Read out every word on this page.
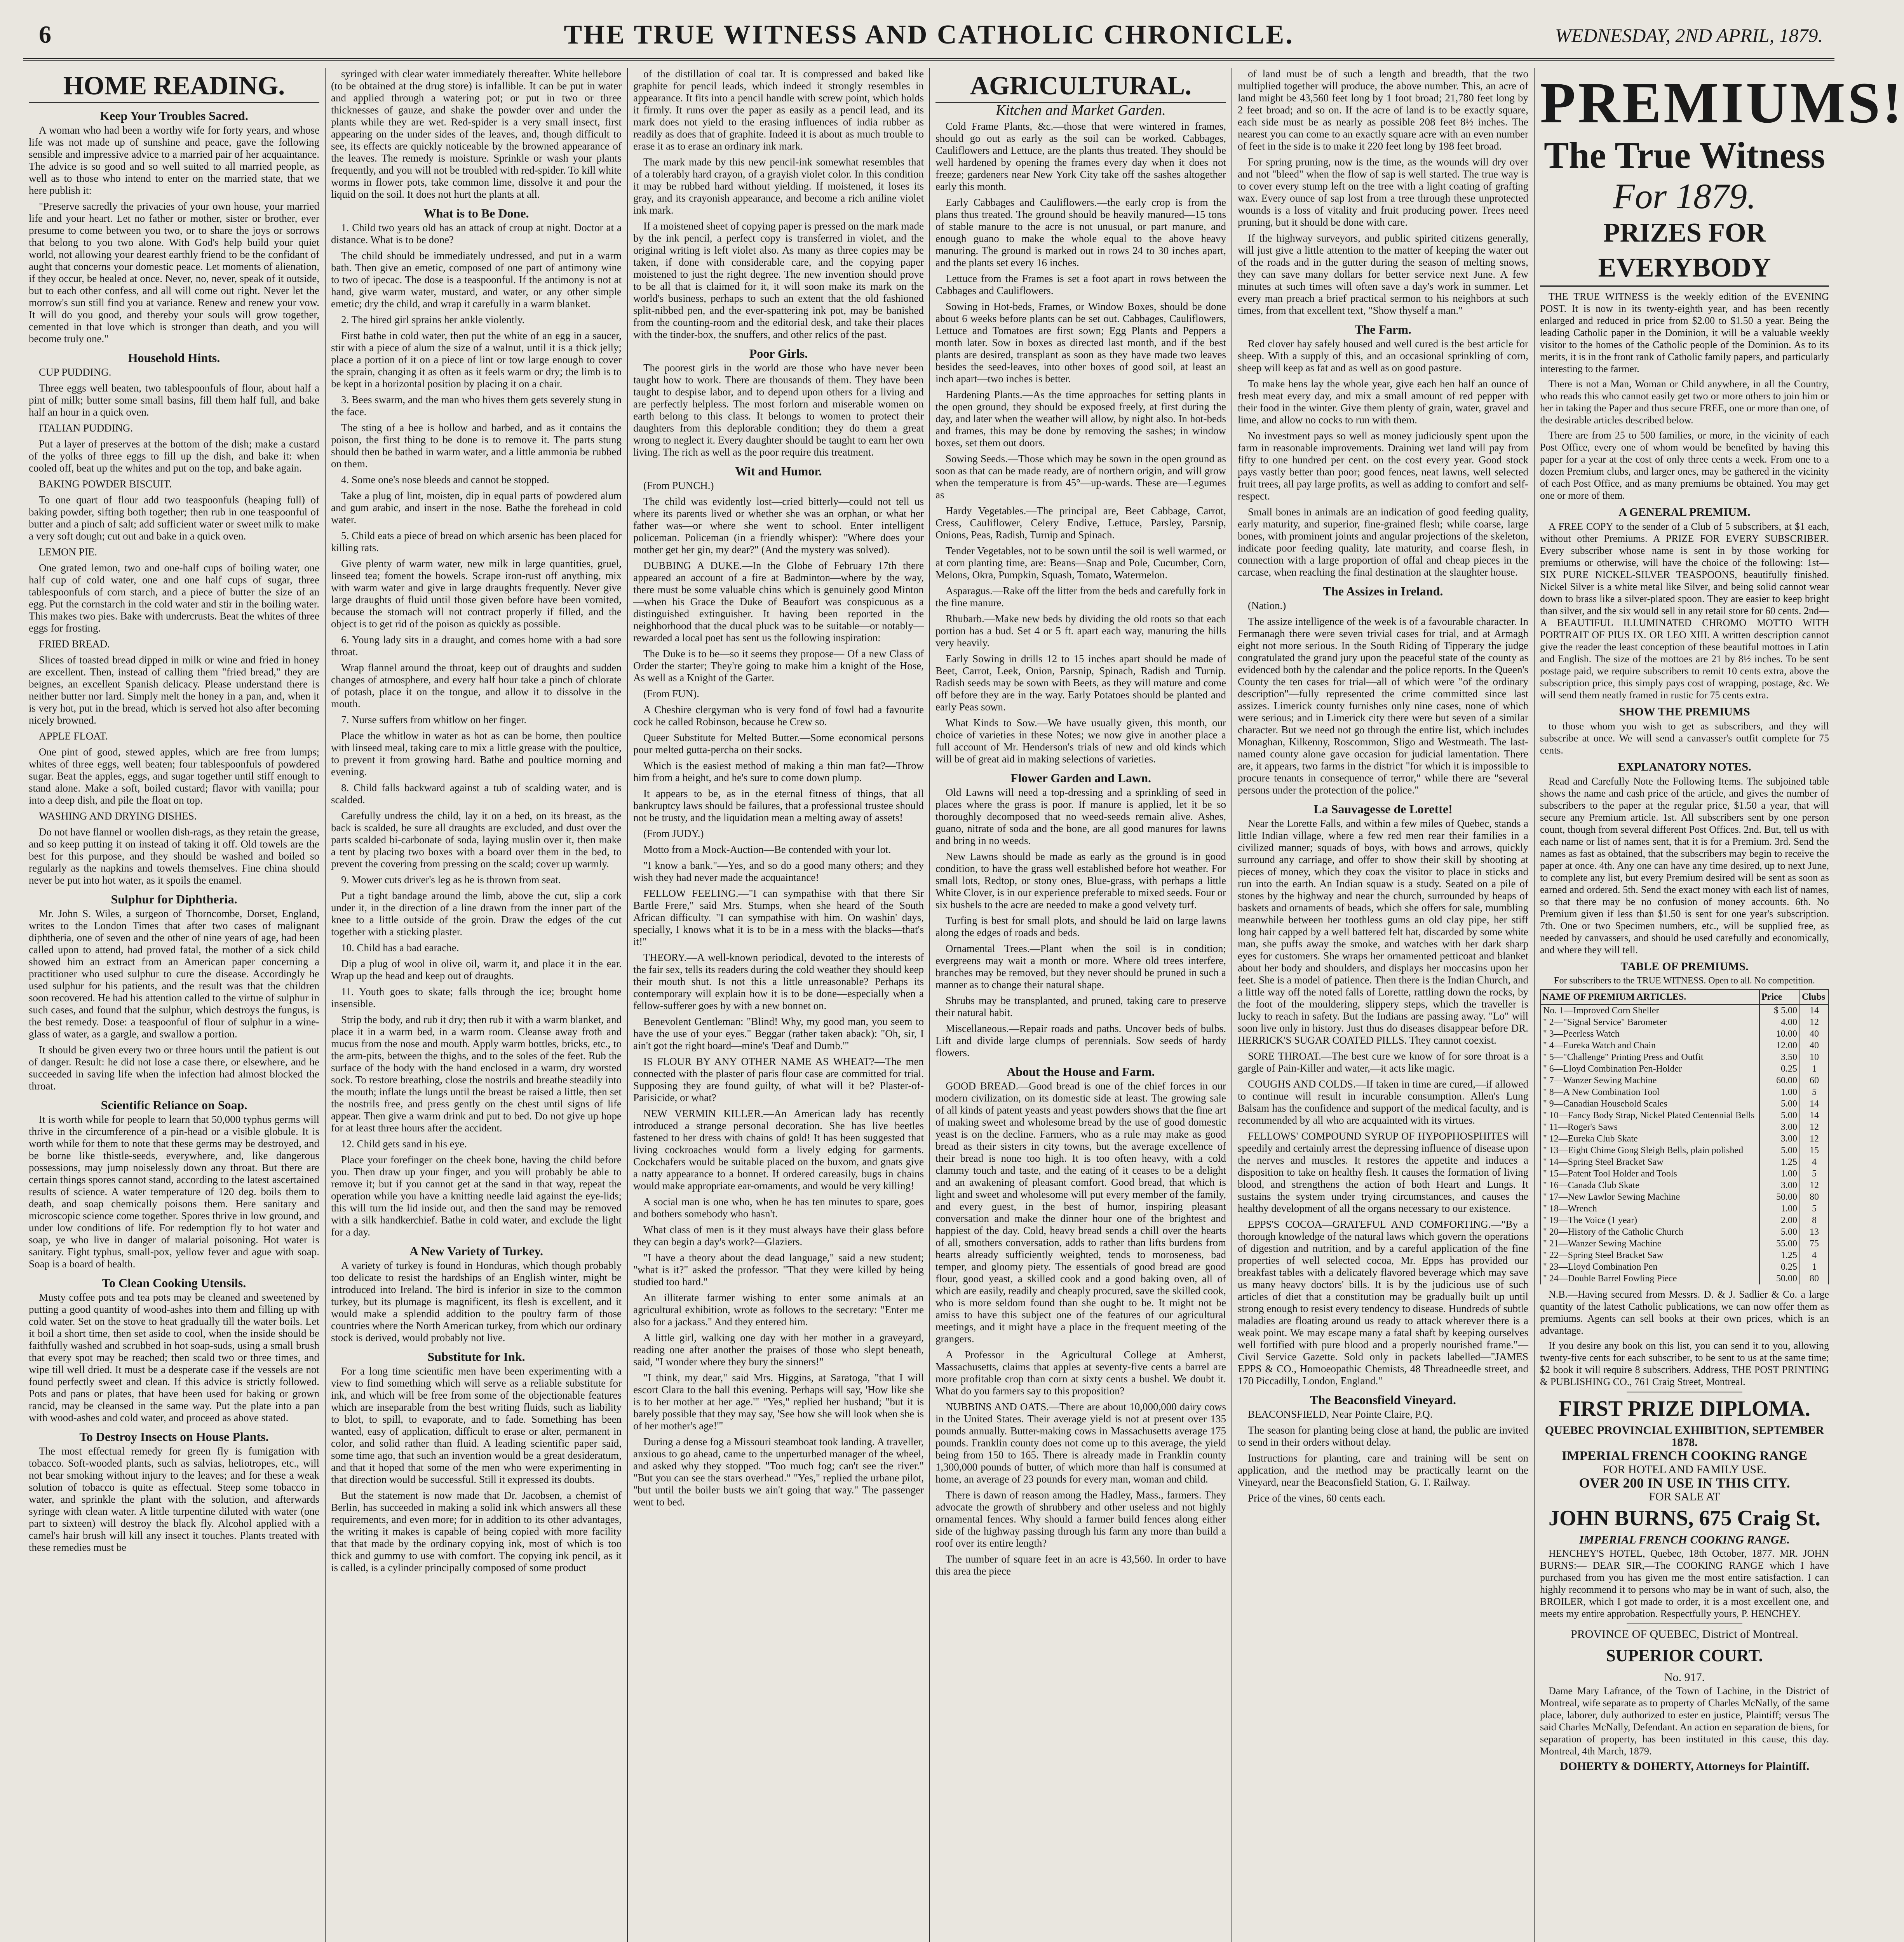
6	THE TRUE WITNESS AND CATHOLIC CHRONICLE.	WEDNESDAY, 2ND APRIL, 1879.
HOME READING.
Keep Your Troubles Sacred.

A woman who had been a worthy wife for forty years, and whose life was not made up of sunshine and peace, gave the following sensible and impressive advice to a married pair of her acquaintance. The advice is so good and so well suited to all married people, as well as to those who intend to enter on the married state, that we here publish it:

"Preserve sacredly the privacies of your own house, your married life and your heart. Let no father or mother, sister or brother, ever presume to come between you two, or to share the joys or sorrows that belong to you two alone. With God's help build your quiet world, not allowing your dearest earthly friend to be the confidant of aught that concerns your domestic peace. Let moments of alienation, if they occur, be healed at once. Never, no, never, speak of it outside, but to each other confess, and all will come out right. Never let the morrow's sun still find you at variance. Renew and renew your vow. It will do you good, and thereby your souls will grow together, cemented in that love which is stronger than death, and you will become truly one."

Household Hints.

CUP PUDDING.

Three eggs well beaten, two tablespoonfuls of flour, about half a pint of milk; butter some small basins, fill them half full, and bake half an hour in a quick oven.

ITALIAN PUDDING.

Put a layer of preserves at the bottom of the dish; make a custard of the yolks of three eggs to fill up the dish, and bake it: when cooled off, beat up the whites and put on the top, and bake again.

BAKING POWDER BISCUIT.

To one quart of flour add two teaspoonfuls (heaping full) of baking powder, sifting both together; then rub in one teaspoonful of butter and a pinch of salt; add sufficient water or sweet milk to make a very soft dough; cut out and bake in a quick oven.

LEMON PIE.

One grated lemon, two and one-half cups of boiling water, one half cup of cold water, one and one half cups of sugar, three tablespoonfuls of corn starch, and a piece of butter the size of an egg. Put the cornstarch in the cold water and stir in the boiling water. This makes two pies. Bake with undercrusts. Beat the whites of three eggs for frosting.

FRIED BREAD.

Slices of toasted bread dipped in milk or wine and fried in honey are excellent. Then, instead of calling them "fried bread," they are beignes, an excellent Spanish delicacy. Please understand there is neither butter nor lard. Simply melt the honey in a pan, and, when it is very hot, put in the bread, which is served hot also after becoming nicely browned.

APPLE FLOAT.

One pint of good, stewed apples, which are free from lumps; whites of three eggs, well beaten; four tablespoonfuls of powdered sugar. Beat the apples, eggs, and sugar together until stiff enough to stand alone. Make a soft, boiled custard; flavor with vanilla; pour into a deep dish, and pile the float on top.

WASHING AND DRYING DISHES.

Do not have flannel or woollen dish-rags, as they retain the grease, and so keep putting it on instead of taking it off. Old towels are the best for this purpose, and they should be washed and boiled so regularly as the napkins and towels themselves. Fine china should never be put into hot water, as it spoils the enamel.

Sulphur for Diphtheria.

Mr. John S. Wiles, a surgeon of Thorncombe, Dorset, England, writes to the London Times that after two cases of malignant diphtheria, one of seven and the other of nine years of age, had been called upon to attend, had proved fatal, the mother of a sick child showed him an extract from an American paper concerning a practitioner who used sulphur to cure the disease. Accordingly he used sulphur for his patients, and the result was that the children soon recovered. He had his attention called to the virtue of sulphur in such cases, and found that the sulphur, which destroys the fungus, is the best remedy. Dose: a teaspoonful of flour of sulphur in a wine-glass of water, as a gargle, and swallow a portion.

It should be given every two or three hours until the patient is out of danger. Result: he did not lose a case there, or elsewhere, and he succeeded in saving life when the infection had almost blocked the throat.

Scientific Reliance on Soap.

It is worth while for people to learn that 50,000 typhus germs will thrive in the circumference of a pin-head or a visible globule. It is worth while for them to note that these germs may be destroyed, and be borne like thistle-seeds, everywhere, and, like dangerous possessions, may jump noiselessly down any throat. But there are certain things spores cannot stand, according to the latest ascertained results of science. A water temperature of 120 deg. boils them to death, and soap chemically poisons them. Here sanitary and microscopic science come together. Spores thrive in low ground, and under low conditions of life. For redemption fly to hot water and soap, ye who live in danger of malarial poisoning. Hot water is sanitary. Fight typhus, small-pox, yellow fever and ague with soap. Soap is a board of health.

To Clean Cooking Utensils.

Musty coffee pots and tea pots may be cleaned and sweetened by putting a good quantity of wood-ashes into them and filling up with cold water. Set on the stove to heat gradually till the water boils. Let it boil a short time, then set aside to cool, when the inside should be faithfully washed and scrubbed in hot soap-suds, using a small brush that every spot may be reached; then scald two or three times, and wipe till well dried. It must be a desperate case if the vessels are not found perfectly sweet and clean. If this advice is strictly followed. Pots and pans or plates, that have been used for baking or grown rancid, may be cleansed in the same way. Put the plate into a pan with wood-ashes and cold water, and proceed as above stated.

To Destroy Insects on House Plants.

The most effectual remedy for green fly is fumigation with tobacco. Soft-wooded plants, such as salvias, heliotropes, etc., will not bear smoking without injury to the leaves; and for these a weak solution of tobacco is quite as effectual. Steep some tobacco in water, and sprinkle the plant with the solution, and afterwards syringe with clean water. A little turpentine diluted with water (one part to sixteen) will destroy the black fly. Alcohol applied with a camel's hair brush will kill any insect it touches. Plants treated with these remedies must be

syringed with clear water immediately thereafter. White hellebore (to be obtained at the drug store) is infallible. It can be put in water and applied through a watering pot; or put in two or three thicknesses of gauze, and shake the powder over and under the plants while they are wet. Red-spider is a very small insect, first appearing on the under sides of the leaves, and, though difficult to see, its effects are quickly noticeable by the browned appearance of the leaves. The remedy is moisture. Sprinkle or wash your plants frequently, and you will not be troubled with red-spider. To kill white worms in flower pots, take common lime, dissolve it and pour the liquid on the soil. It does not hurt the plants at all.

What is to Be Done.

1. Child two years old has an attack of croup at night. Doctor at a distance. What is to be done?

The child should be immediately undressed, and put in a warm bath. Then give an emetic, composed of one part of antimony wine to two of ipecac. The dose is a teaspoonful. If the antimony is not at hand, give warm water, mustard, and water, or any other simple emetic; dry the child, and wrap it carefully in a warm blanket.

2. The hired girl sprains her ankle violently.

First bathe in cold water, then put the white of an egg in a saucer, stir with a piece of alum the size of a walnut, until it is a thick jelly; place a portion of it on a piece of lint or tow large enough to cover the sprain, changing it as often as it feels warm or dry; the limb is to be kept in a horizontal position by placing it on a chair.

3. Bees swarm, and the man who hives them gets severely stung in the face.

The sting of a bee is hollow and barbed, and as it contains the poison, the first thing to be done is to remove it. The parts stung should then be bathed in warm water, and a little ammonia be rubbed on them.

4. Some one's nose bleeds and cannot be stopped.

Take a plug of lint, moisten, dip in equal parts of powdered alum and gum arabic, and insert in the nose. Bathe the forehead in cold water.

5. Child eats a piece of bread on which arsenic has been placed for killing rats.

Give plenty of warm water, new milk in large quantities, gruel, linseed tea; foment the bowels. Scrape iron-rust off anything, mix with warm water and give in large draughts frequently. Never give large draughts of fluid until those given before have been vomited, because the stomach will not contract properly if filled, and the object is to get rid of the poison as quickly as possible.

6. Young lady sits in a draught, and comes home with a bad sore throat.

Wrap flannel around the throat, keep out of draughts and sudden changes of atmosphere, and every half hour take a pinch of chlorate of potash, place it on the tongue, and allow it to dissolve in the mouth.

7. Nurse suffers from whitlow on her finger.

Place the whitlow in water as hot as can be borne, then poultice with linseed meal, taking care to mix a little grease with the poultice, to prevent it from growing hard. Bathe and poultice morning and evening.

8. Child falls backward against a tub of scalding water, and is scalded.

Carefully undress the child, lay it on a bed, on its breast, as the back is scalded, be sure all draughts are excluded, and dust over the parts scalded bi-carbonate of soda, laying muslin over it, then make a tent by placing two boxes with a board over them in the bed, to prevent the covering from pressing on the scald; cover up warmly.

9. Mower cuts driver's leg as he is thrown from seat.

Put a tight bandage around the limb, above the cut, slip a cork under it, in the direction of a line drawn from the inner part of the knee to a little outside of the groin. Draw the edges of the cut together with a sticking plaster.

10. Child has a bad earache.

Dip a plug of wool in olive oil, warm it, and place it in the ear. Wrap up the head and keep out of draughts.

11. Youth goes to skate; falls through the ice; brought home insensible.

Strip the body, and rub it dry; then rub it with a warm blanket, and place it in a warm bed, in a warm room. Cleanse away froth and mucus from the nose and mouth. Apply warm bottles, bricks, etc., to the arm-pits, between the thighs, and to the soles of the feet. Rub the surface of the body with the hand enclosed in a warm, dry worsted sock. To restore breathing, close the nostrils and breathe steadily into the mouth; inflate the lungs until the breast be raised a little, then set the nostrils free, and press gently on the chest until signs of life appear. Then give a warm drink and put to bed. Do not give up hope for at least three hours after the accident.

12. Child gets sand in his eye.

Place your forefinger on the cheek bone, having the child before you. Then draw up your finger, and you will probably be able to remove it; but if you cannot get at the sand in that way, repeat the operation while you have a knitting needle laid against the eye-lids; this will turn the lid inside out, and then the sand may be removed with a silk handkerchief. Bathe in cold water, and exclude the light for a day.

A New Variety of Turkey.

A variety of turkey is found in Honduras, which though probably too delicate to resist the hardships of an English winter, might be introduced into Ireland. The bird is inferior in size to the common turkey, but its plumage is magnificent, its flesh is excellent, and it would make a splendid addition to the poultry farm of those countries where the North American turkey, from which our ordinary stock is derived, would probably not live.

Substitute for Ink.

For a long time scientific men have been experimenting with a view to find something which will serve as a reliable substitute for ink, and which will be free from some of the objectionable features which are inseparable from the best writing fluids, such as liability to blot, to spill, to evaporate, and to fade. Something has been wanted, easy of application, difficult to erase or alter, permanent in color, and solid rather than fluid. A leading scientific paper said, some time ago, that such an invention would be a great desideratum, and that it hoped that some of the men who were experimenting in that direction would be successful. Still it expressed its doubts.

But the statement is now made that Dr. Jacobsen, a chemist of Berlin, has succeeded in making a solid ink which answers all these requirements, and even more; for in addition to its other advantages, the writing it makes is capable of being copied with more facility that that made by the ordinary copying ink, most of which is too thick and gummy to use with comfort. The copying ink pencil, as it is called, is a cylinder principally composed of some product

of the distillation of coal tar. It is compressed and baked like graphite for pencil leads, which indeed it strongly resembles in appearance. It fits into a pencil handle with screw point, which holds it firmly. It runs over the paper as easily as a pencil lead, and its mark does not yield to the erasing influences of india rubber as readily as does that of graphite. Indeed it is about as much trouble to erase it as to erase an ordinary ink mark.

The mark made by this new pencil-ink somewhat resembles that of a tolerably hard crayon, of a grayish violet color. In this condition it may be rubbed hard without yielding. If moistened, it loses its gray, and its crayonish appearance, and become a rich aniline violet ink mark.

If a moistened sheet of copying paper is pressed on the mark made by the ink pencil, a perfect copy is transferred in violet, and the original writing is left violet also. As many as three copies may be taken, if done with considerable care, and the copying paper moistened to just the right degree. The new invention should prove to be all that is claimed for it, it will soon make its mark on the world's business, perhaps to such an extent that the old fashioned split-nibbed pen, and the ever-spattering ink pot, may be banished from the counting-room and the editorial desk, and take their places with the tinder-box, the snuffers, and other relics of the past.

Poor Girls.

The poorest girls in the world are those who have never been taught how to work. There are thousands of them. They have been taught to despise labor, and to depend upon others for a living and are perfectly helpless. The most forlorn and miserable women on earth belong to this class. It belongs to women to protect their daughters from this deplorable condition; they do them a great wrong to neglect it. Every daughter should be taught to earn her own living. The rich as well as the poor require this treatment.

Wit and Humor.

(From PUNCH.)

The child was evidently lost—cried bitterly—could not tell us where its parents lived or whether she was an orphan, or what her father was—or where she went to school. Enter intelligent policeman. Policeman (in a friendly whisper): "Where does your mother get her gin, my dear?" (And the mystery was solved).

DUBBING A DUKE.—In the Globe of February 17th there appeared an account of a fire at Badminton—where by the way, there must be some valuable chins which is genuinely good Minton—when his Grace the Duke of Beaufort was conspicuous as a distinguished extinguisher. It having been reported in the neighborhood that the ducal pluck was to be suitable—or notably—rewarded a local poet has sent us the following inspiration:

The Duke is to be—so it seems they propose— Of a new Class of Order the starter; They're going to make him a knight of the Hose, As well as a Knight of the Garter.

(From FUN).

A Cheshire clergyman who is very fond of fowl had a favourite cock he called Robinson, because he Crew so.

Queer Substitute for Melted Butter.—Some economical persons pour melted gutta-percha on their socks.

Which is the easiest method of making a thin man fat?—Throw him from a height, and he's sure to come down plump.

It appears to be, as in the eternal fitness of things, that all bankruptcy laws should be failures, that a professional trustee should not be trusty, and the liquidation mean a melting away of assets!

(From JUDY.)

Motto from a Mock-Auction—Be contended with your lot.

"I know a bank."—Yes, and so do a good many others; and they wish they had never made the acquaintance!

FELLOW FEELING.—"I can sympathise with that there Sir Bartle Frere," said Mrs. Stumps, when she heard of the South African difficulty. "I can sympathise with him. On washin' days, specially, I knows what it is to be in a mess with the blacks—that's it!"

THEORY.—A well-known periodical, devoted to the interests of the fair sex, tells its readers during the cold weather they should keep their mouth shut. Is not this a little unreasonable? Perhaps its contemporary will explain how it is to be done—especially when a fellow-sufferer goes by with a new bonnet on.

Benevolent Gentleman: "Blind! Why, my good man, you seem to have the use of your eyes." Beggar (rather taken aback): "Oh, sir, I ain't got the right board—mine's 'Deaf and Dumb.'"

IS FLOUR BY ANY OTHER NAME AS WHEAT?—The men connected with the plaster of paris flour case are committed for trial. Supposing they are found guilty, of what will it be? Plaster-of-Parisicide, or what?

NEW VERMIN KILLER.—An American lady has recently introduced a strange personal decoration. She has live beetles fastened to her dress with chains of gold! It has been suggested that living cockroaches would form a lively edging for garments. Cockchafers would be suitable placed on the buxom, and gnats give a natty appearance to a bonnet. If ordered careasily, bugs in chains would make appropriate ear-ornaments, and would be very killing!

A social man is one who, when he has ten minutes to spare, goes and bothers somebody who hasn't.

What class of men is it they must always have their glass before they can begin a day's work?—Glaziers.

"I have a theory about the dead language," said a new student; "what is it?" asked the professor. "That they were killed by being studied too hard."

An illiterate farmer wishing to enter some animals at an agricultural exhibition, wrote as follows to the secretary: "Enter me also for a jackass." And they entered him.

A little girl, walking one day with her mother in a graveyard, reading one after another the praises of those who slept beneath, said, "I wonder where they bury the sinners!"

"I think, my dear," said Mrs. Higgins, at Saratoga, "that I will escort Clara to the ball this evening. Perhaps will say, 'How like she is to her mother at her age.'" "Yes," replied her husband; "but it is barely possible that they may say, 'See how she will look when she is of her mother's age!'"

During a dense fog a Missouri steamboat took landing. A traveller, anxious to go ahead, came to the unperturbed manager of the wheel, and asked why they stopped. "Too much fog; can't see the river." "But you can see the stars overhead." "Yes," replied the urbane pilot, "but until the boiler busts we ain't going that way." The passenger went to bed.

AGRICULTURAL.
Kitchen and Market Garden.

Cold Frame Plants, &c.—those that were wintered in frames, should go out as early as the soil can be worked. Cabbages, Cauliflowers and Lettuce, are the plants thus treated. They should be well hardened by opening the frames every day when it does not freeze; gardeners near New York City take off the sashes altogether early this month.

Early Cabbages and Cauliflowers.—the early crop is from the plans thus treated. The ground should be heavily manured—15 tons of stable manure to the acre is not unusual, or part manure, and enough guano to make the whole equal to the above heavy manuring. The ground is marked out in rows 24 to 30 inches apart, and the plants set every 16 inches.

Lettuce from the Frames is set a foot apart in rows between the Cabbages and Cauliflowers.

Sowing in Hot-beds, Frames, or Window Boxes, should be done about 6 weeks before plants can be set out. Cabbages, Cauliflowers, Lettuce and Tomatoes are first sown; Egg Plants and Peppers a month later. Sow in boxes as directed last month, and if the best plants are desired, transplant as soon as they have made two leaves besides the seed-leaves, into other boxes of good soil, at least an inch apart—two inches is better.

Hardening Plants.—As the time approaches for setting plants in the open ground, they should be exposed freely, at first during the day, and later when the weather will allow, by night also. In hot-beds and frames, this may be done by removing the sashes; in window boxes, set them out doors.

Sowing Seeds.—Those which may be sown in the open ground as soon as that can be made ready, are of northern origin, and will grow when the temperature is from 45°—up-wards. These are—Legumes as

Hardy Vegetables.—The principal are, Beet Cabbage, Carrot, Cress, Cauliflower, Celery Endive, Lettuce, Parsley, Parsnip, Onions, Peas, Radish, Turnip and Spinach.

Tender Vegetables, not to be sown until the soil is well warmed, or at corn planting time, are: Beans—Snap and Pole, Cucumber, Corn, Melons, Okra, Pumpkin, Squash, Tomato, Watermelon.

Asparagus.—Rake off the litter from the beds and carefully fork in the fine manure.

Rhubarb.—Make new beds by dividing the old roots so that each portion has a bud. Set 4 or 5 ft. apart each way, manuring the hills very heavily.

Early Sowing in drills 12 to 15 inches apart should be made of Beet, Carrot, Leek, Onion, Parsnip, Spinach, Radish and Turnip. Radish seeds may be sown with Beets, as they will mature and come off before they are in the way. Early Potatoes should be planted and early Peas sown.

What Kinds to Sow.—We have usually given, this month, our choice of varieties in these Notes; we now give in another place a full account of Mr. Henderson's trials of new and old kinds which will be of great aid in making selections of varieties.

Flower Garden and Lawn.

Old Lawns will need a top-dressing and a sprinkling of seed in places where the grass is poor. If manure is applied, let it be so thoroughly decomposed that no weed-seeds remain alive. Ashes, guano, nitrate of soda and the bone, are all good manures for lawns and bring in no weeds.

New Lawns should be made as early as the ground is in good condition, to have the grass well established before hot weather. For small lots, Redtop, or stony ones, Blue-grass, with perhaps a little White Clover, is in our experience preferable to mixed seeds. Four or six bushels to the acre are needed to make a good velvety turf.

Turfing is best for small plots, and should be laid on large lawns along the edges of roads and beds.

Ornamental Trees.—Plant when the soil is in condition; evergreens may wait a month or more. Where old trees interfere, branches may be removed, but they never should be pruned in such a manner as to change their natural shape.

Shrubs may be transplanted, and pruned, taking care to preserve their natural habit.

Miscellaneous.—Repair roads and paths. Uncover beds of bulbs. Lift and divide large clumps of perennials. Sow seeds of hardy flowers.

About the House and Farm.

GOOD BREAD.—Good bread is one of the chief forces in our modern civilization, on its domestic side at least. The growing sale of all kinds of patent yeasts and yeast powders shows that the fine art of making sweet and wholesome bread by the use of good domestic yeast is on the decline. Farmers, who as a rule may make as good bread as their sisters in city towns, but the average excellence of their bread is none too high. It is too often heavy, with a cold clammy touch and taste, and the eating of it ceases to be a delight and an awakening of pleasant comfort. Good bread, that which is light and sweet and wholesome will put every member of the family, and every guest, in the best of humor, inspiring pleasant conversation and make the dinner hour one of the brightest and happiest of the day. Cold, heavy bread sends a chill over the hearts of all, smothers conversation, adds to rather than lifts burdens from hearts already sufficiently weighted, tends to moroseness, bad temper, and gloomy piety. The essentials of good bread are good flour, good yeast, a skilled cook and a good baking oven, all of which are easily, readily and cheaply procured, save the skilled cook, who is more seldom found than she ought to be. It might not be amiss to have this subject one of the features of our agricultural meetings, and it might have a place in the frequent meeting of the grangers.

A Professor in the Agricultural College at Amherst, Massachusetts, claims that apples at seventy-five cents a barrel are more profitable crop than corn at sixty cents a bushel. We doubt it. What do you farmers say to this proposition?

NUBBINS AND OATS.—There are about 10,000,000 dairy cows in the United States. Their average yield is not at present over 135 pounds annually. Butter-making cows in Massachusetts average 175 pounds. Franklin county does not come up to this average, the yield being from 150 to 165. There is already made in Franklin county 1,300,000 pounds of butter, of which more than half is consumed at home, an average of 23 pounds for every man, woman and child.

There is dawn of reason among the Hadley, Mass., farmers. They advocate the growth of shrubbery and other useless and not highly ornamental fences. Why should a farmer build fences along either side of the highway passing through his farm any more than build a roof over its entire length?

The number of square feet in an acre is 43,560. In order to have this area the piece

of land must be of such a length and breadth, that the two multiplied together will produce, the above number. This, an acre of land might be 43,560 feet long by 1 foot broad; 21,780 feet long by 2 feet broad; and so on. If the acre of land is to be exactly square, each side must be as nearly as possible 208 feet 8½ inches. The nearest you can come to an exactly square acre with an even number of feet in the side is to make it 220 feet long by 198 feet broad.

For spring pruning, now is the time, as the wounds will dry over and not "bleed" when the flow of sap is well started. The true way is to cover every stump left on the tree with a light coating of grafting wax. Every ounce of sap lost from a tree through these unprotected wounds is a loss of vitality and fruit producing power. Trees need pruning, but it should be done with care.

If the highway surveyors, and public spirited citizens generally, will just give a little attention to the matter of keeping the water out of the roads and in the gutter during the season of melting snows, they can save many dollars for better service next June. A few minutes at such times will often save a day's work in summer. Let every man preach a brief practical sermon to his neighbors at such times, from that excellent text, "Show thyself a man."

The Farm.

Red clover hay safely housed and well cured is the best article for sheep. With a supply of this, and an occasional sprinkling of corn, sheep will keep as fat and as well as on good pasture.

To make hens lay the whole year, give each hen half an ounce of fresh meat every day, and mix a small amount of red pepper with their food in the winter. Give them plenty of grain, water, gravel and lime, and allow no cocks to run with them.

No investment pays so well as money judiciously spent upon the farm in reasonable improvements. Draining wet land will pay from fifty to one hundred per cent. on the cost every year. Good stock pays vastly better than poor; good fences, neat lawns, well selected fruit trees, all pay large profits, as well as adding to comfort and self-respect.

Small bones in animals are an indication of good feeding quality, early maturity, and superior, fine-grained flesh; while coarse, large bones, with prominent joints and angular projections of the skeleton, indicate poor feeding quality, late maturity, and coarse flesh, in connection with a large proportion of offal and cheap pieces in the carcase, when reaching the final destination at the slaughter house.

The Assizes in Ireland.

(Nation.)

The assize intelligence of the week is of a favourable character. In Fermanagh there were seven trivial cases for trial, and at Armagh eight not more serious. In the South Riding of Tipperary the judge congratulated the grand jury upon the peaceful state of the county as evidenced both by the calendar and the police reports. In the Queen's County the ten cases for trial—all of which were "of the ordinary description"—fully represented the crime committed since last assizes. Limerick county furnishes only nine cases, none of which were serious; and in Limerick city there were but seven of a similar character. But we need not go through the entire list, which includes Monaghan, Kilkenny, Roscommon, Sligo and Westmeath. The last-named county alone gave occasion for judicial lamentation. There are, it appears, two farms in the district "for which it is impossible to procure tenants in consequence of terror," while there are "several persons under the protection of the police."

La Sauvagesse de Lorette!

Near the Lorette Falls, and within a few miles of Quebec, stands a little Indian village, where a few red men rear their families in a civilized manner; squads of boys, with bows and arrows, quickly surround any carriage, and offer to show their skill by shooting at pieces of money, which they coax the visitor to place in sticks and run into the earth. An Indian squaw is a study. Seated on a pile of stones by the highway and near the church, surrounded by heaps of baskets and ornaments of beads, which she offers for sale, mumbling meanwhile between her toothless gums an old clay pipe, her stiff long hair capped by a well battered felt hat, discarded by some white man, she puffs away the smoke, and watches with her dark sharp eyes for customers. She wraps her ornamented petticoat and blanket about her body and shoulders, and displays her moccasins upon her feet. She is a model of patience. Then there is the Indian Church, and a little way off the noted falls of Lorette, rattling down the rocks, by the foot of the mouldering, slippery steps, which the traveller is lucky to reach in safety. But the Indians are passing away. "Lo" will soon live only in history. Just thus do diseases disappear before DR. HERRICK'S SUGAR COATED PILLS. They cannot coexist.

SORE THROAT.—The best cure we know of for sore throat is a gargle of Pain-Killer and water,—it acts like magic.

COUGHS AND COLDS.—If taken in time are cured,—if allowed to continue will result in incurable consumption. Allen's Lung Balsam has the confidence and support of the medical faculty, and is recommended by all who are acquainted with its virtues.

FELLOWS' COMPOUND SYRUP OF HYPOPHOSPHITES will speedily and certainly arrest the depressing influence of disease upon the nerves and muscles. It restores the appetite and induces a disposition to take on healthy flesh. It causes the formation of living blood, and strengthens the action of both Heart and Lungs. It sustains the system under trying circumstances, and causes the healthy development of all the organs necessary to our existence.

EPPS'S COCOA—GRATEFUL AND COMFORTING.—"By a thorough knowledge of the natural laws which govern the operations of digestion and nutrition, and by a careful application of the fine properties of well selected cocoa, Mr. Epps has provided our breakfast tables with a delicately flavored beverage which may save us many heavy doctors' bills. It is by the judicious use of such articles of diet that a constitution may be gradually built up until strong enough to resist every tendency to disease. Hundreds of subtle maladies are floating around us ready to attack wherever there is a weak point. We may escape many a fatal shaft by keeping ourselves well fortified with pure blood and a properly nourished frame."—Civil Service Gazette. Sold only in packets labelled—"JAMES EPPS & CO., Homoeopathic Chemists, 48 Threadneedle street, and 170 Piccadilly, London, England."

The Beaconsfield Vineyard.

BEACONSFIELD, Near Pointe Claire, P.Q.

The season for planting being close at hand, the public are invited to send in their orders without delay.

Instructions for planting, care and training will be sent on application, and the method may be practically learnt on the Vineyard, near the Beaconsfield Station, G. T. Railway.

Price of the vines, 60 cents each.

PREMIUMS!
The True Witness
For 1879.
PRIZES FOR EVERYBODY

THE TRUE WITNESS is the weekly edition of the EVENING POST. It is now in its twenty-eighth year, and has been recently enlarged and reduced in price from $2.00 to $1.50 a year. Being the leading Catholic paper in the Dominion, it will be a valuable weekly visitor to the homes of the Catholic people of the Dominion. As to its merits, it is in the front rank of Catholic family papers, and particularly interesting to the farmer.

There is not a Man, Woman or Child anywhere, in all the Country, who reads this who cannot easily get two or more others to join him or her in taking the Paper and thus secure FREE, one or more than one, of the desirable articles described below.

There are from 25 to 500 families, or more, in the vicinity of each Post Office, every one of whom would be benefited by having this paper for a year at the cost of only three cents a week. From one to a dozen Premium clubs, and larger ones, may be gathered in the vicinity of each Post Office, and as many premiums be obtained. You may get one or more of them.

A GENERAL PREMIUM.

A FREE COPY to the sender of a Club of 5 subscribers, at $1 each, without other Premiums. A PRIZE FOR EVERY SUBSCRIBER. Every subscriber whose name is sent in by those working for premiums or otherwise, will have the choice of the following: 1st—SIX PURE NICKEL-SILVER TEASPOONS, beautifully finished. Nickel Silver is a white metal like Silver, and being solid cannot wear down to brass like a silver-plated spoon. They are easier to keep bright than silver, and the six would sell in any retail store for 60 cents. 2nd—A BEAUTIFUL ILLUMINATED CHROMO MOTTO WITH PORTRAIT OF PIUS IX. OR LEO XIII. A written description cannot give the reader the least conception of these beautiful mottoes in Latin and English. The size of the mottoes are 21 by 8½ inches. To be sent postage paid, we require subscribers to remit 10 cents extra, above the subscription price, this simply pays cost of wrapping, postage, &c. We will send them neatly framed in rustic for 75 cents extra.

SHOW THE PREMIUMS

to those whom you wish to get as subscribers, and they will subscribe at once. We will send a canvasser's outfit complete for 75 cents.

EXPLANATORY NOTES.

Read and Carefully Note the Following Items. The subjoined table shows the name and cash price of the article, and gives the number of subscribers to the paper at the regular price, $1.50 a year, that will secure any Premium article. 1st. All subscribers sent by one person count, though from several different Post Offices. 2nd. But, tell us with each name or list of names sent, that it is for a Premium. 3rd. Send the names as fast as obtained, that the subscribers may begin to receive the paper at once. 4th. Any one can have any time desired, up to next June, to complete any list, but every Premium desired will be sent as soon as earned and ordered. 5th. Send the exact money with each list of names, so that there may be no confusion of money accounts. 6th. No Premium given if less than $1.50 is sent for one year's subscription. 7th. One or two Specimen numbers, etc., will be supplied free, as needed by canvassers, and should be used carefully and economically, and where they will tell.

TABLE OF PREMIUMS.
For subscribers to the TRUE WITNESS. Open to all. No competition.
NAME OF PREMIUM ARTICLES.	Price	Clubs
No. 1—Improved Corn Sheller	$ 5.00	14
" 2—"Signal Service" Barometer	4.00	12
" 3—Peerless Watch	10.00	40
" 4—Eureka Watch and Chain	12.00	40
" 5—"Challenge" Printing Press and Outfit	3.50	10
" 6—Lloyd Combination Pen-Holder	0.25	1
" 7—Wanzer Sewing Machine	60.00	60
" 8—A New Combination Tool	1.00	5
" 9—Canadian Household Scales	5.00	14
" 10—Fancy Body Strap, Nickel Plated Centennial Bells	5.00	14
" 11—Roger's Saws	3.00	12
" 12—Eureka Club Skate	3.00	12
" 13—Eight Chime Gong Sleigh Bells, plain polished	5.00	15
" 14—Spring Steel Bracket Saw	1.25	4
" 15—Patent Tool Holder and Tools	1.00	5
" 16—Canada Club Skate	3.00	12
" 17—New Lawlor Sewing Machine	50.00	80
" 18—Wrench	1.00	5
" 19—The Voice (1 year)	2.00	8
" 20—History of the Catholic Church	5.00	13
" 21—Wanzer Sewing Machine	55.00	75
" 22—Spring Steel Bracket Saw	1.25	4
" 23—Lloyd Combination Pen	0.25	1
" 24—Double Barrel Fowling Piece	50.00	80

N.B.—Having secured from Messrs. D. & J. Sadlier & Co. a large quantity of the latest Catholic publications, we can now offer them as premiums. Agents can sell books at their own prices, which is an advantage.

If you desire any book on this list, you can send it to you, allowing twenty-five cents for each subscriber, to be sent to us at the same time; $2 book it will require 8 subscribers. Address, THE POST PRINTING & PUBLISHING CO., 761 Craig Street, Montreal.

FIRST PRIZE DIPLOMA.
QUEBEC PROVINCIAL EXHIBITION, SEPTEMBER 1878.
IMPERIAL FRENCH COOKING RANGE
FOR HOTEL AND FAMILY USE.
OVER 200 IN USE IN THIS CITY.
FOR SALE AT
JOHN BURNS, 675 Craig St.
IMPERIAL FRENCH COOKING RANGE.

HENCHEY'S HOTEL, Quebec, 18th October, 1877. MR. JOHN BURNS:— DEAR SIR,—The COOKING RANGE which I have purchased from you has given me the most entire satisfaction. I can highly recommend it to persons who may be in want of such, also, the BROILER, which I got made to order, it is a most excellent one, and meets my entire approbation. Respectfully yours, P. HENCHEY.

PROVINCE OF QUEBEC, District of Montreal.
SUPERIOR COURT.
No. 917.

Dame Mary Lafrance, of the Town of Lachine, in the District of Montreal, wife separate as to property of Charles McNally, of the same place, laborer, duly authorized to ester en justice, Plaintiff; versus The said Charles McNally, Defendant. An action en separation de biens, for separation of property, has been instituted in this cause, this day. Montreal, 4th March, 1879.

DOHERTY & DOHERTY, Attorneys for Plaintiff.
